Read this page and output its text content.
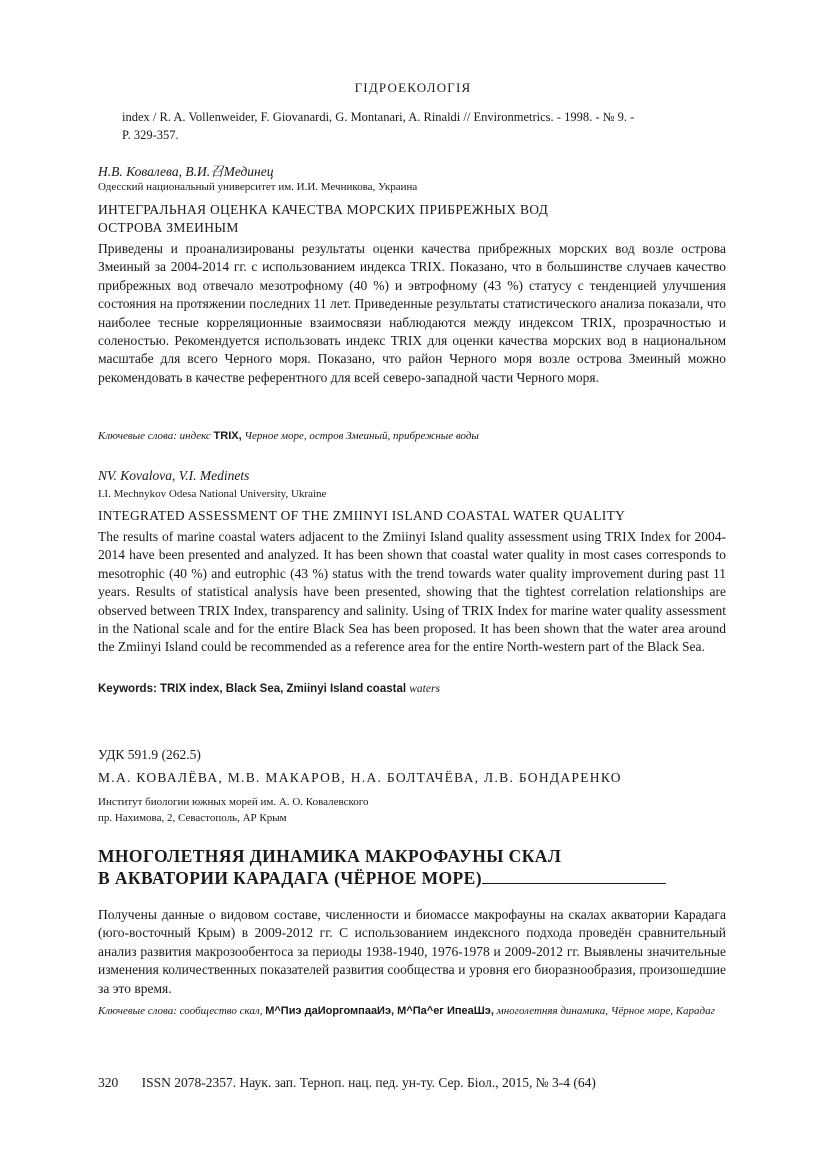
ГІДРОЕКОЛОГІЯ
index / R. A. Vollenweider, F. Giovanardi, G. Montanari, A. Rinaldi // Environmetrics. - 1998. - № 9. -
P. 329-357.
Н.В. Ковалева, В.И.召Mединец
Одесский национальный университет им. И.И. Мечникова, Украина
ИНТЕГРАЛЬНАЯ ОЦЕНКА КАЧЕСТВА МОРСКИХ ПРИБРЕЖНЫХ ВОД
ОСТРОВА ЗМЕИНЫМ
Приведены и проанализированы результаты оценки качества прибрежных морских вод возле острова Змеиный за 2004-2014 гг. с использованием индекса TRIX. Показано, что в большинстве случаев качество прибрежных вод отвечало мезотрофному (40 %) и эвтрофному (43 %) статусу с тенденцией улучшения состояния на протяжении последних 11 лет. Приведенные результаты статистического анализа показали, что наиболее тесные корреляционные взаимосвязи наблюдаются между индексом TRIX, прозрачностью и соленостью. Рекомендуется использовать индекс TRIX для оценки качества морских вод в национальном масштабе для всего Черного моря. Показано, что район Черного моря возле острова Змеиный можно рекомендовать в качестве референтного для всей северо-западной части Черного моря.
Ключевые слова: индекс TRIX, Черное море, остров Змеиный, прибрежные воды
NV. Kovalova, V.I. Medinets
I.I. Mechnykov Odesa National University, Ukraine
INTEGRATED ASSESSMENT OF THE ZMIINYI ISLAND COASTAL WATER QUALITY
The results of marine coastal waters adjacent to the Zmiinyi Island quality assessment using TRIX Index for 2004-2014 have been presented and analyzed. It has been shown that coastal water quality in most cases corresponds to mesotrophic (40 %) and eutrophic (43 %) status with the trend towards water quality improvement during past 11 years. Results of statistical analysis have been presented, showing that the tightest correlation relationships are observed between TRIX Index, transparency and salinity. Using of TRIX Index for marine water quality assessment in the National scale and for the entire Black Sea has been proposed. It has been shown that the water area around the Zmiinyi Island could be recommended as a reference area for the entire North-western part of the Black Sea.
Keywords: TRIX index, Black Sea, Zmiinyi Island coastal waters
УДК 591.9 (262.5)
М.А. КОВАЛЁВА, М.В. МАКАРОВ, Н.А. БОЛТАЧЁВА, Л.В. БОНДАРЕНКО
Институт биологии южных морей им. А. О. Ковалевского
пр. Нахимова, 2, Севастополь, АР Крым
МНОГОЛЕТНЯЯ ДИНАМИКА МАКРОФАУНЫ СКАЛ
В АКВАТОРИИ КАРАДАГА (ЧЁРНОЕ МОРЕ)
Получены данные о видовом составе, численности и биомассе макрофауны на скалах акватории Карадага (юго-восточный Крым) в 2009-2012 гг. С использованием индексного подхода проведён сравнительный анализ развития макрозообентоса за периоды 1938-1940, 1976-1978 и 2009-2012 гг. Выявлены значительные изменения количественных показателей развития сообщества и уровня его биоразнообразия, произошедшие за это время.
Ключевые слова: сообщество скал, М^Пиэ даИоргомпааИэ, М^Па^ег ИпеаШэ, многолетняя динамика, Чёрное море, Карадаг
320 ISSN 2078-2357. Наук. зап. Терноп. нац. пед. ун-ту. Сер. Біол., 2015, № 3-4 (64)
